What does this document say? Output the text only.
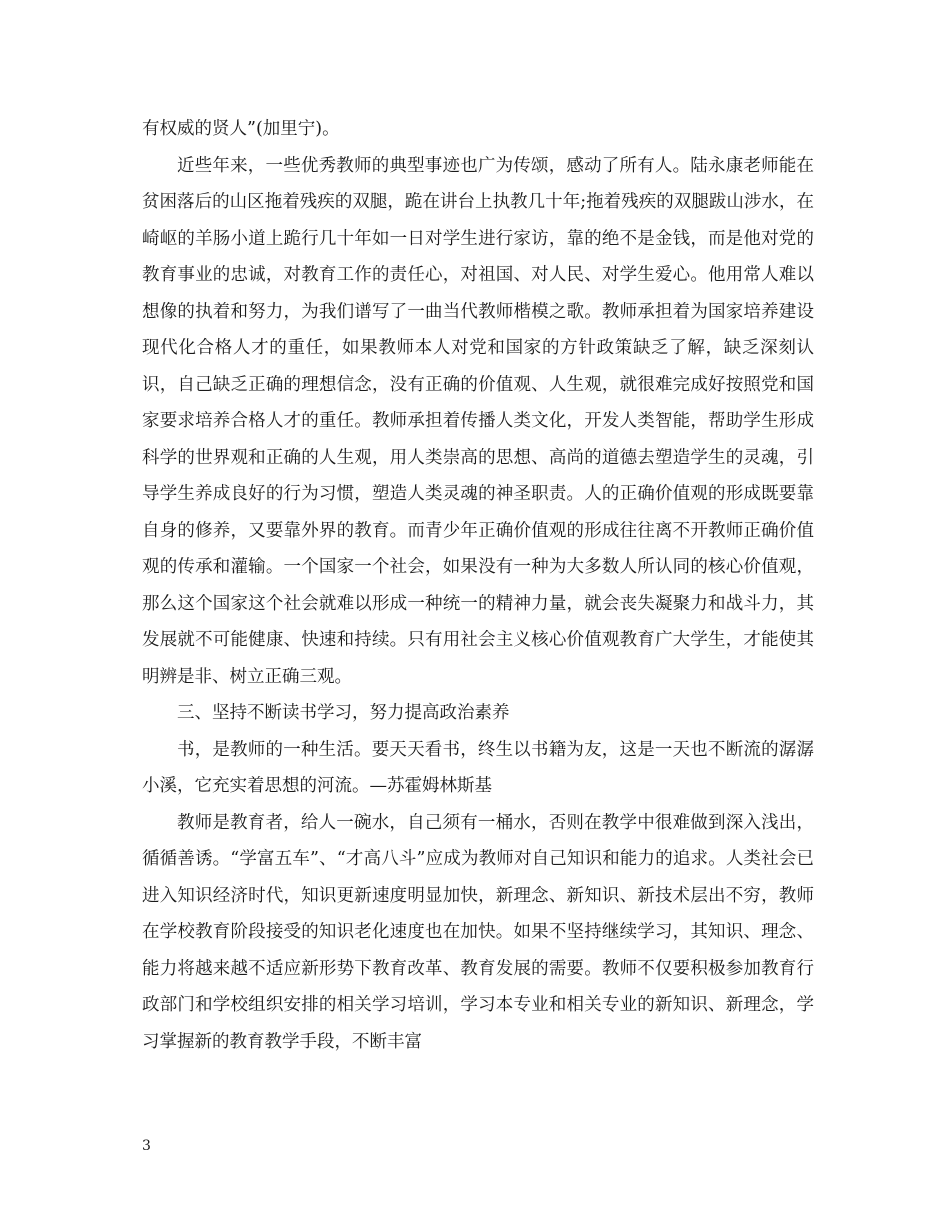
有权威的贤人”(加里宁)。

近些年来，一些优秀教师的典型事迹也广为传颂，感动了所有人。陆永康老师能在贫困落后的山区拖着残疾的双腿，跪在讲台上执教几十年;拖着残疾的双腿跋山涉水，在崎岖的羊肠小道上跪行几十年如一日对学生进行家访，靠的绝不是金钱，而是他对党的教育事业的忠诚，对教育工作的责任心，对祖国、对人民、对学生爱心。他用常人难以想像的执着和努力，为我们谱写了一曲当代教师楷模之歌。教师承担着为国家培养建设现代化合格人才的重任，如果教师本人对党和国家的方针政策缺乏了解，缺乏深刻认识，自己缺乏正确的理想信念，没有正确的价值观、人生观，就很难完成好按照党和国家要求培养合格人才的重任。教师承担着传播人类文化，开发人类智能，帮助学生形成科学的世界观和正确的人生观，用人类崇高的思想、高尚的道德去塑造学生的灵魂，引导学生养成良好的行为习惯，塑造人类灵魂的神圣职责。人的正确价值观的形成既要靠自身的修养，又要靠外界的教育。而青少年正确价值观的形成往往离不开教师正确价值观的传承和灌输。一个国家一个社会，如果没有一种为大多数人所认同的核心价值观，那么这个国家这个社会就难以形成一种统一的精神力量，就会丧失凝聚力和战斗力，其发展就不可能健康、快速和持续。只有用社会主义核心价值观教育广大学生，才能使其明辨是非、树立正确三观。

三、坚持不断读书学习，努力提高政治素养

书，是教师的一种生活。要天天看书，终生以书籍为友，这是一天也不断流的潺潺小溪，它充实着思想的河流。—苏霍姆林斯基

教师是教育者，给人一碗水，自己须有一桶水，否则在教学中很难做到深入浅出，循循善诱。“学富五车”、“才高八斗”应成为教师对自己知识和能力的追求。人类社会已进入知识经济时代，知识更新速度明显加快，新理念、新知识、新技术层出不穷，教师在学校教育阶段接受的知识老化速度也在加快。如果不坚持继续学习，其知识、理念、能力将越来越不适应新形势下教育改革、教育发展的需要。教师不仅要积极参加教育行政部门和学校组织安排的相关学习培训，学习本专业和相关专业的新知识、新理念，学习掌握新的教育教学手段，不断丰富

3
